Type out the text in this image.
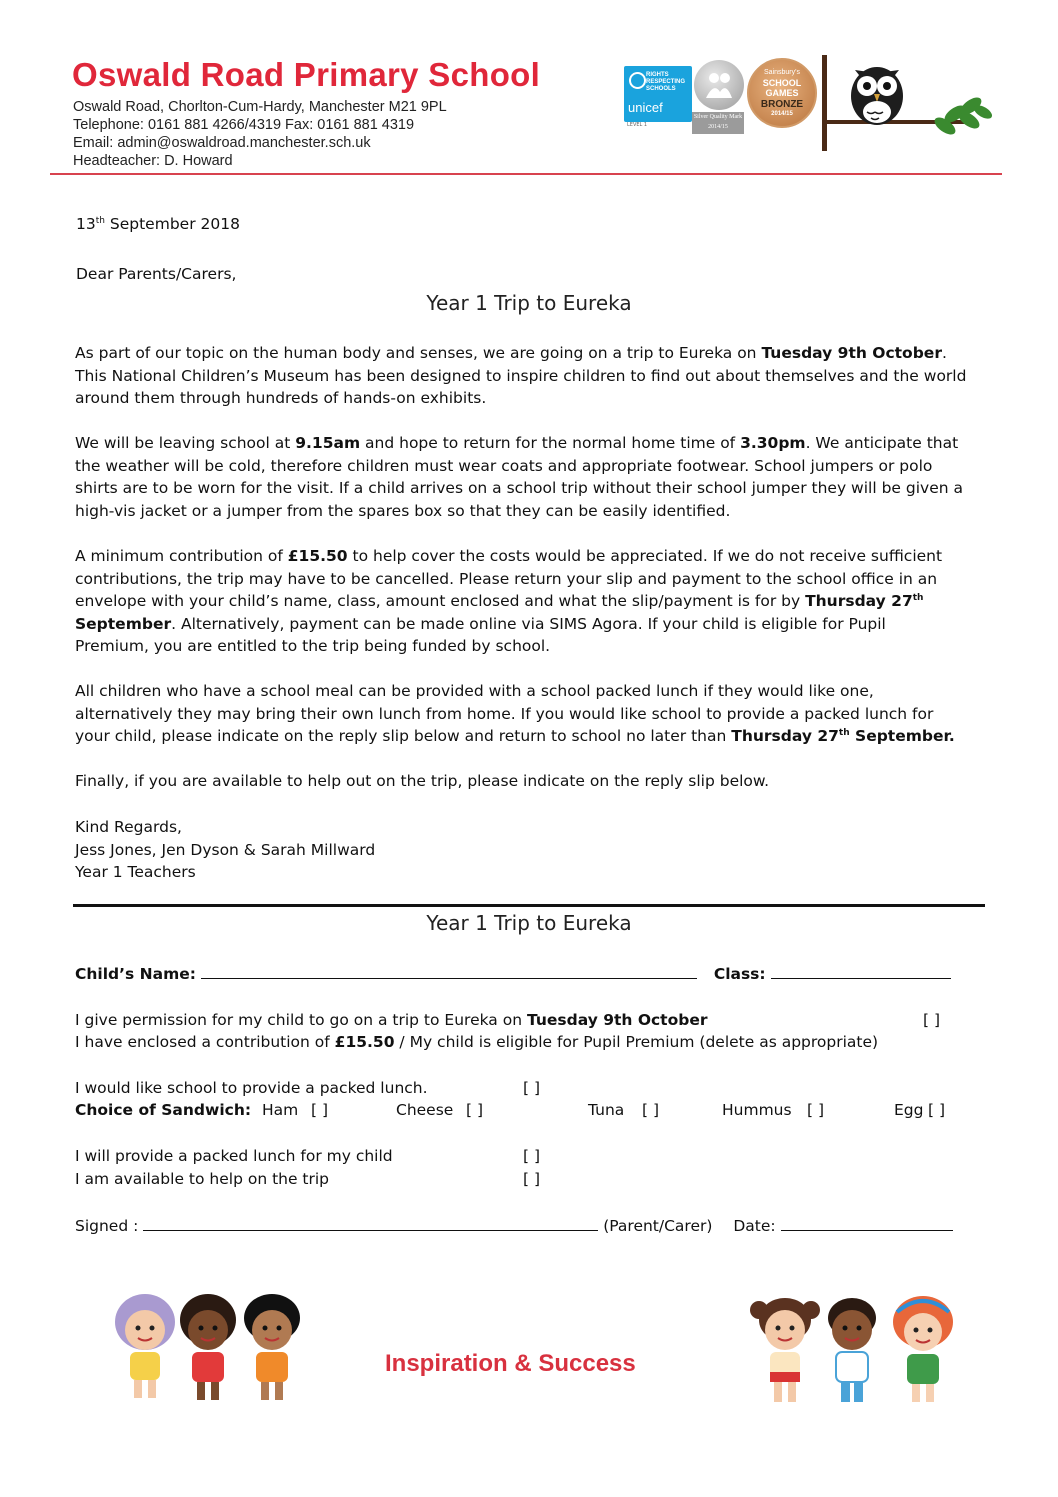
Oswald Road Primary School
Oswald Road, Chorlton-Cum-Hardy, Manchester M21 9PL
Telephone: 0161 881 4266/4319 Fax: 0161 881 4319
Email: admin@oswaldroad.manchester.sch.uk
Headteacher: D. Howard
RIGHTS RESPECTING SCHOOLS
unicef
LEVEL 1
Silver Quality Mark 2014/15
Sainsbury's
SCHOOL GAMES
BRONZE
2014/15
13th September 2018
Dear Parents/Carers,
Year 1 Trip to Eureka

As part of our topic on the human body and senses, we are going on a trip to Eureka on Tuesday 9th October.

This National Children’s Museum has been designed to inspire children to find out about themselves and the world

around them through hundreds of hands-on exhibits.

We will be leaving school at 9.15am and hope to return for the normal home time of 3.30pm. We anticipate that

the weather will be cold, therefore children must wear coats and appropriate footwear. School jumpers or polo

shirts are to be worn for the visit. If a child arrives on a school trip without their school jumper they will be given a

high-vis jacket or a jumper from the spares box so that they can be easily identified.

A minimum contribution of £15.50 to help cover the costs would be appreciated. If we do not receive sufficient

contributions, the trip may have to be cancelled. Please return your slip and payment to the school office in an

envelope with your child’s name, class, amount enclosed and what the slip/payment is for by Thursday 27th

September. Alternatively, payment can be made online via SIMS Agora. If your child is eligible for Pupil

Premium, you are entitled to the trip being funded by school.

All children who have a school meal can be provided with a school packed lunch if they would like one,

alternatively they may bring their own lunch from home. If you would like school to provide a packed lunch for

your child, please indicate on the reply slip below and return to school no later than Thursday 27th September.

Finally, if you are available to help out on the trip, please indicate on the reply slip below.

Kind Regards,
Jess Jones, Jen Dyson & Sarah Millward
Year 1 Teachers
Year 1 Trip to Eureka
Child’s Name:	Class:
I give permission for my child to go on a trip to Eureka on Tuesday 9th October	[ ]
I have enclosed a contribution of £15.50 / My child is eligible for Pupil Premium (delete as appropriate)
I would like school to provide a packed lunch.	[ ]
Choice of Sandwich: Ham [ ]	Cheese [ ]	Tuna [ ]	Hummus [ ]	Egg [ ]
I will provide a packed lunch for my child	[ ]
I am available to help on the trip	[ ]
Signed :	(Parent/Carer) Date:
Inspiration & Success
